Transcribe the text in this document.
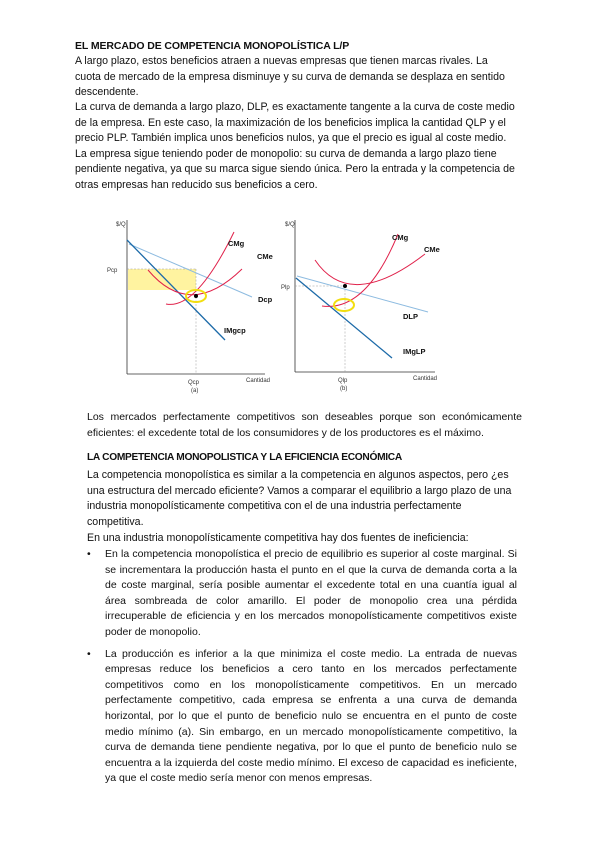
EL MERCADO DE COMPETENCIA MONOPOLÍSTICA L/P

A largo plazo, estos beneficios atraen a nuevas empresas que tienen marcas rivales. La cuota de mercado de la empresa disminuye y su curva de demanda se desplaza en sentido descendente.

La curva de demanda a largo plazo, DLP, es exactamente tangente a la curva de coste medio de la empresa. En este caso, la maximización de los beneficios implica la cantidad QLP y el precio PLP. También implica unos beneficios nulos, ya que el precio es igual al coste medio. La empresa sigue teniendo poder de monopolio: su curva de demanda a largo plazo tiene pendiente negativa, ya que su marca sigue siendo única. Pero la entrada y la competencia de otras empresas han reducido sus beneficios a cero.

$/Q
Pcp
Qcp
(a)
Cantidad
CMg
CMe
Dcp
IMgcp
$/Q
Plp
Qlp
(b)
Cantidad
CMg
CMe
DLP
IMgLP

Los mercados perfectamente competitivos son deseables porque son económicamente eficientes: el excedente total de los consumidores y de los productores es el máximo.

LA COMPETENCIA MONOPOLISTICA Y LA EFICIENCIA ECONÓMICA

La competencia monopolística es similar a la competencia en algunos aspectos, pero ¿es una estructura del mercado eficiente? Vamos a comparar el equilibrio a largo plazo de una industria monopolísticamente competitiva con el de una industria perfectamente competitiva.

En una industria monopolísticamente competitiva hay dos fuentes de ineficiencia:

• En la competencia monopolística el precio de equilibrio es superior al coste marginal. Si se incrementara la producción hasta el punto en el que la curva de demanda corta a la de coste marginal, sería posible aumentar el excedente total en una cuantía igual al área sombreada de color amarillo. El poder de monopolio crea una pérdida irrecuperable de eficiencia y en los mercados monopolísticamente competitivos existe poder de monopolio.
• La producción es inferior a la que minimiza el coste medio. La entrada de nuevas empresas reduce los beneficios a cero tanto en los mercados perfectamente competitivos como en los monopolísticamente competitivos. En un mercado perfectamente competitivo, cada empresa se enfrenta a una curva de demanda horizontal, por lo que el punto de beneficio nulo se encuentra en el punto de coste medio mínimo (a). Sin embargo, en un mercado monopolísticamente competitivo, la curva de demanda tiene pendiente negativa, por lo que el punto de beneficio nulo se encuentra a la izquierda del coste medio mínimo. El exceso de capacidad es ineficiente, ya que el coste medio sería menor con menos empresas.
